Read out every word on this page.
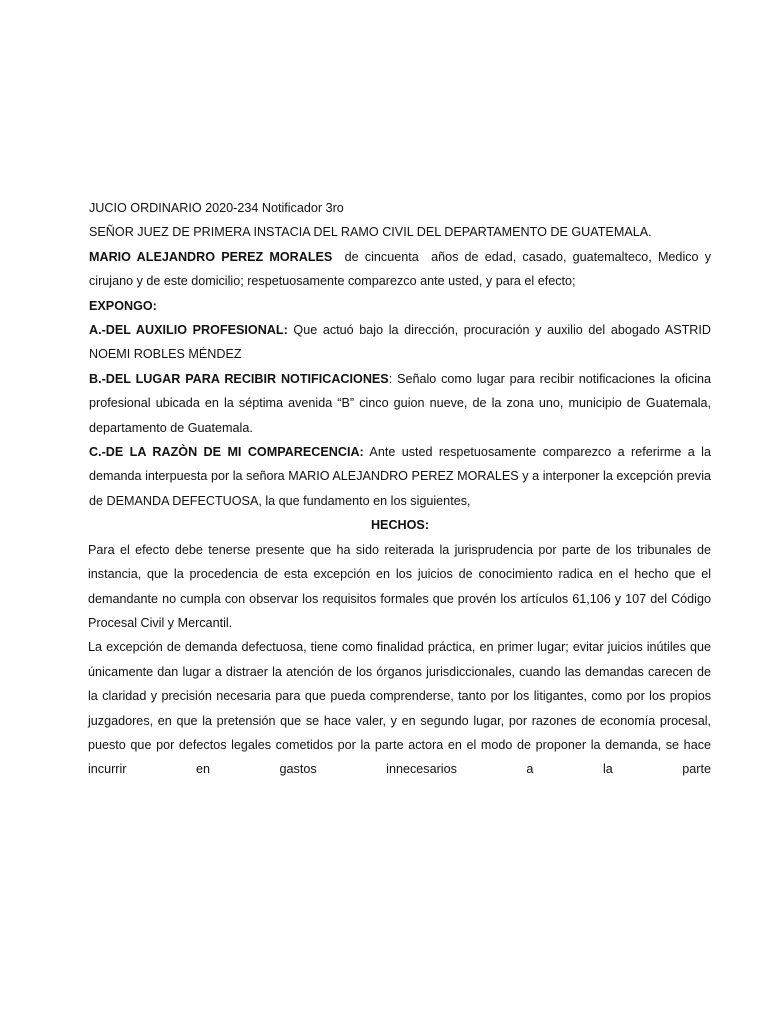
JUCIO ORDINARIO 2020-234 Notificador 3ro

SEÑOR JUEZ DE PRIMERA INSTACIA DEL RAMO CIVIL DEL DEPARTAMENTO DE GUATEMALA.

MARIO ALEJANDRO PEREZ MORALES  de cincuenta  años de edad, casado, guatemalteco, Medico y cirujano y de este domicilio; respetuosamente comparezco ante usted, y para el efecto;

EXPONGO:

A.-DEL AUXILIO PROFESIONAL: Que actuó bajo la dirección, procuración y auxilio del abogado ASTRID NOEMI ROBLES MÉNDEZ

B.-DEL LUGAR PARA RECIBIR NOTIFICACIONES: Señalo como lugar para recibir notificaciones la oficina profesional ubicada en la séptima avenida “B” cinco guion nueve, de la zona uno, municipio de Guatemala, departamento de Guatemala.

C.-DE LA RAZÒN DE MI COMPARECENCIA: Ante usted respetuosamente comparezco a referirme a la demanda interpuesta por la señora MARIO ALEJANDRO PEREZ MORALES y a interponer la excepción previa de DEMANDA DEFECTUOSA, la que fundamento en los siguientes,

HECHOS:

Para el efecto debe tenerse presente que ha sido reiterada la jurisprudencia por parte de los tribunales de instancia, que la procedencia de esta excepción en los juicios de conocimiento radica en el hecho que el demandante no cumpla con observar los requisitos formales que provén los artículos 61,106 y 107 del Código Procesal Civil y Mercantil.

La excepción de demanda defectuosa, tiene como finalidad práctica, en primer lugar; evitar juicios inútiles que únicamente dan lugar a distraer la atención de los órganos jurisdiccionales, cuando las demandas carecen de la claridad y precisión necesaria para que pueda comprenderse, tanto por los litigantes, como por los propios juzgadores, en que la pretensión que se hace valer, y en segundo lugar, por razones de economía procesal, puesto que por defectos legales cometidos por la parte actora en el modo de proponer la demanda, se hace incurrir en gastos innecesarios a la parte
